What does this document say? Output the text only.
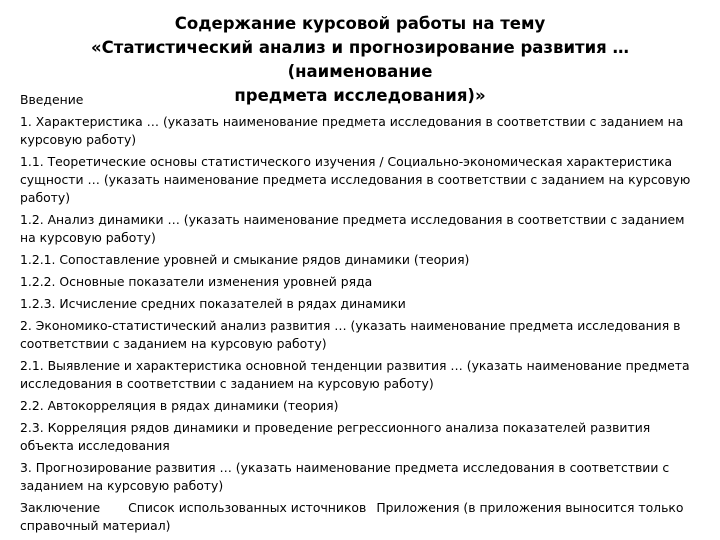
Содержание курсовой работы на тему
«Статистический анализ и прогнозирование развития … (наименование
предмета исследования)»
Введение
1. Характеристика … (указать наименование предмета исследования в соответствии с заданием на курсовую работу)
1.1. Теоретические основы статистического изучения / Социально-экономическая характеристика сущности … (указать наименование предмета исследования в соответствии с заданием на курсовую работу)
1.2. Анализ динамики … (указать наименование предмета исследования в соответствии с заданием на курсовую работу)
1.2.1. Сопоставление уровней и смыкание рядов динамики (теория)
1.2.2. Основные показатели изменения уровней ряда
1.2.3. Исчисление средних показателей в рядах динамики
2. Экономико-статистический анализ развития … (указать наименование предмета исследования в соответствии с заданием на курсовую работу)
2.1. Выявление и характеристика основной тенденции развития … (указать наименование предмета исследования в соответствии с заданием на курсовую работу)
2.2. Автокорреляция в рядах динамики (теория)
2.3. Корреляция рядов динамики и проведение регрессионного анализа показателей развития объекта исследования
3. Прогнозирование развития … (указать наименование предмета исследования в соответствии с заданием на курсовую работу)
Заключение Список использованных источников Приложения (в приложения выносится только справочный материал)
